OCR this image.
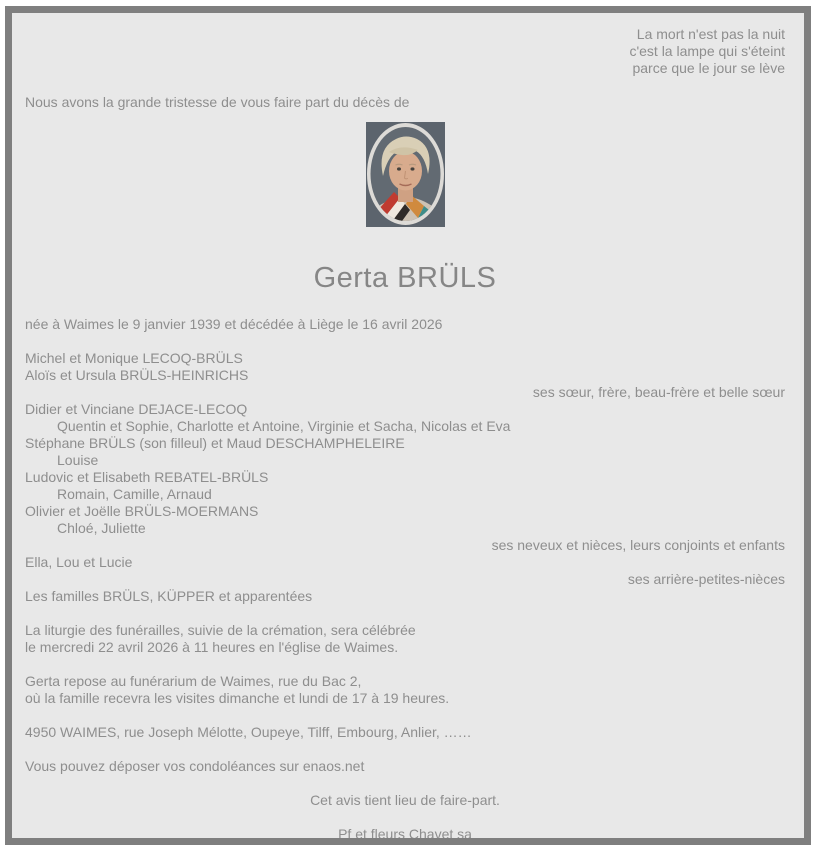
La mort n'est pas la nuit
c'est la lampe qui s'éteint
parce que le jour se lève
Nous avons la grande tristesse de vous faire part du décès de
Gerta BRÜLS
née à Waimes le 9 janvier 1939 et décédée à Liège le 16 avril 2026
Michel et Monique LECOQ-BRÜLS
Aloïs et Ursula BRÜLS-HEINRICHS
ses sœur, frère, beau-frère et belle sœur
Didier et Vinciane DEJACE-LECOQ
Quentin et Sophie, Charlotte et Antoine, Virginie et Sacha, Nicolas et Eva
Stéphane BRÜLS (son filleul) et Maud DESCHAMPHELEIRE
Louise
Ludovic et Elisabeth REBATEL-BRÜLS
Romain, Camille, Arnaud
Olivier et Joëlle BRÜLS-MOERMANS
Chloé, Juliette
ses neveux et nièces, leurs conjoints et enfants
Ella, Lou et Lucie
ses arrière-petites-nièces
Les familles BRÜLS, KÜPPER et apparentées
La liturgie des funérailles, suivie de la crémation, sera célébrée
le mercredi 22 avril 2026 à 11 heures en l'église de Waimes.
Gerta repose au funérarium de Waimes, rue du Bac 2,
où la famille recevra les visites dimanche et lundi de 17 à 19 heures.
4950 WAIMES, rue Joseph Mélotte, Oupeye, Tilff, Embourg, Anlier, ……
Vous pouvez déposer vos condoléances sur enaos.net
Cet avis tient lieu de faire-part.
Pf et fleurs Chavet sa
